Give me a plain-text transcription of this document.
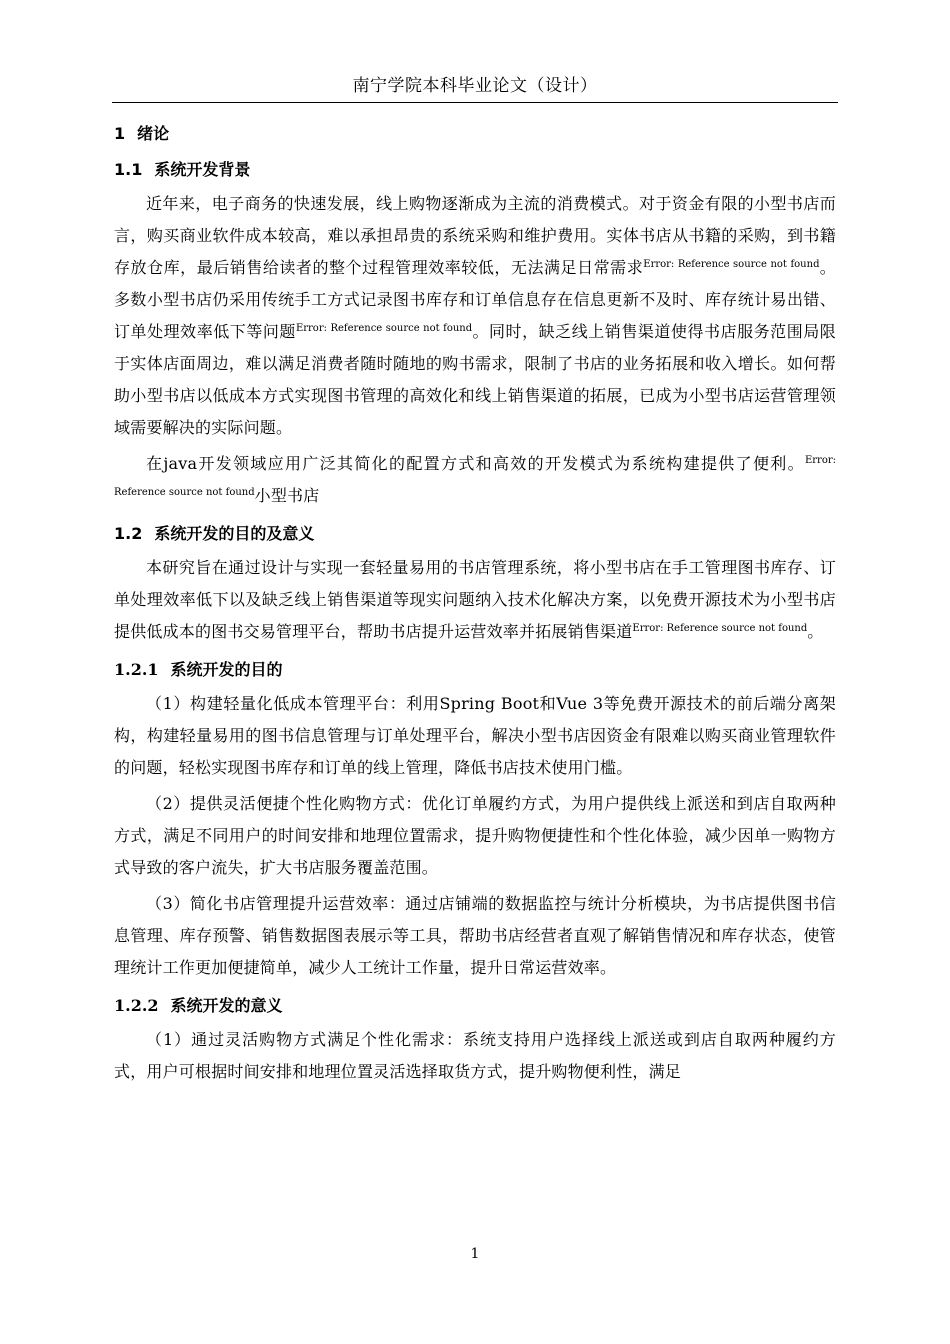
南宁学院本科毕业论文（设计）
1 绪论
1.1 系统开发背景

近年来，电子商务的快速发展，线上购物逐渐成为主流的消费模式。对于资金有限的小型书店而言，购买商业软件成本较高，难以承担昂贵的系统采购和维护费用。实体书店从书籍的采购，到书籍存放仓库，最后销售给读者的整个过程管理效率较低，无法满足日常需求$^{Error: Reference source not found}$。多数小型书店仍采用传统手工方式记录图书库存和订单信息存在信息更新不及时、库存统计易出错、订单处理效率低下等问题$^{Error: Reference source not found}$。同时，缺乏线上销售渠道使得书店服务范围局限于实体店面周边，难以满足消费者随时随地的购书需求，限制了书店的业务拓展和收入增长。如何帮助小型书店以低成本方式实现图书管理的高效化和线上销售渠道的拓展，已成为小型书店运营管理领域需要解决的实际问题。

在java开发领域应用广泛其简化的配置方式和高效的开发模式为系统构建提供了便利。$^{Error: Reference source not found}$小型书店

1.2 系统开发的目的及意义

本研究旨在通过设计与实现一套轻量易用的书店管理系统，将小型书店在手工管理图书库存、订单处理效率低下以及缺乏线上销售渠道等现实问题纳入技术化解决方案，以免费开源技术为小型书店提供低成本的图书交易管理平台，帮助书店提升运营效率并拓展销售渠道$^{Error: Reference source not found}$。

1.2.1 系统开发的目的

（1）构建轻量化低成本管理平台：利用Spring Boot和Vue 3等免费开源技术的前后端分离架构，构建轻量易用的图书信息管理与订单处理平台，解决小型书店因资金有限难以购买商业管理软件的问题，轻松实现图书库存和订单的线上管理，降低书店技术使用门槛。

（2）提供灵活便捷个性化购物方式：优化订单履约方式，为用户提供线上派送和到店自取两种方式，满足不同用户的时间安排和地理位置需求，提升购物便捷性和个性化体验，减少因单一购物方式导致的客户流失，扩大书店服务覆盖范围。

（3）简化书店管理提升运营效率：通过店铺端的数据监控与统计分析模块，为书店提供图书信息管理、库存预警、销售数据图表展示等工具，帮助书店经营者直观了解销售情况和库存状态，使管理统计工作更加便捷简单，减少人工统计工作量，提升日常运营效率。

1.2.2 系统开发的意义

（1）通过灵活购物方式满足个性化需求：系统支持用户选择线上派送或到店自取两种履约方式，用户可根据时间安排和地理位置灵活选择取货方式，提升购物便利性，满足

1
